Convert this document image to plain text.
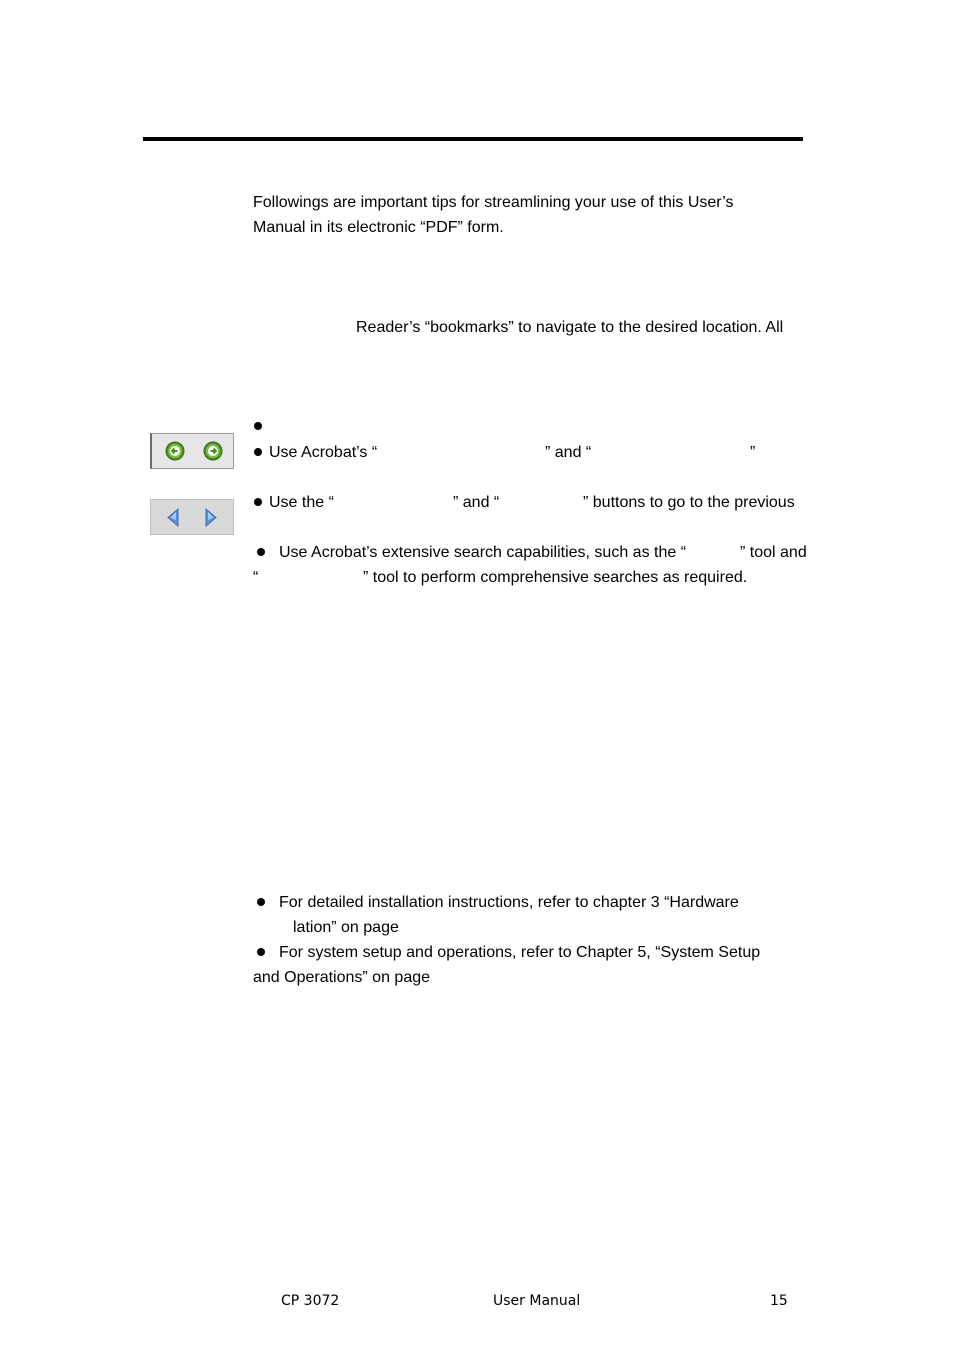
Followings are important tips for streamlining your use of this User’s
Manual in its electronic “PDF” form.
Reader’s “bookmarks” to navigate to the desired location. All
Use Acrobat’s “	” and “	”
Use the “	” and “	” buttons to go to the previous
Use Acrobat’s extensive search capabilities, such as the “	” tool and
“	” tool to perform comprehensive searches as required.
For detailed installation instructions, refer to chapter 3 “Hardware
lation” on page
For system setup and operations, refer to Chapter 5, “System Setup
and Operations” on page
CP 3072	User Manual	15
